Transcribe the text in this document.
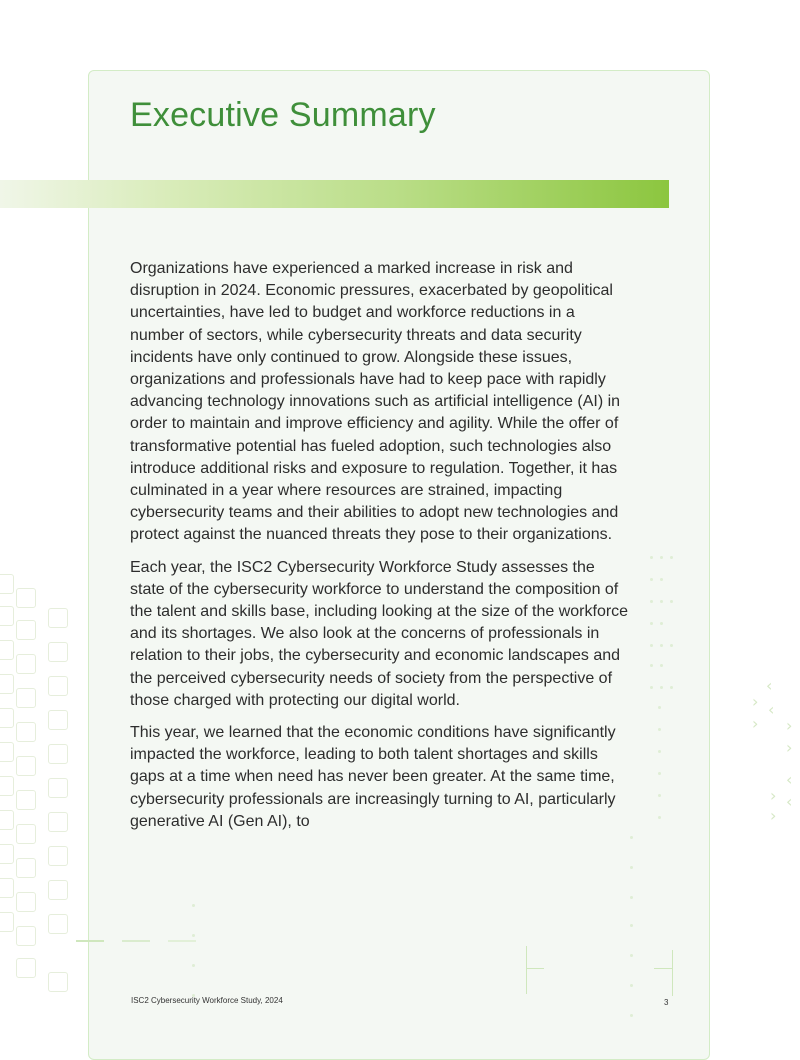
‹
› ‹
› ›
›
‹
› ‹
›
Executive Summary

Organizations have experienced a marked increase in risk and disruption in 2024. Economic pressures, exacerbated by geopolitical uncertainties, have led to budget and workforce reductions in a number of sectors, while cybersecurity threats and data security incidents have only continued to grow. Alongside these issues, organizations and professionals have had to keep pace with rapidly advancing technology innovations such as artificial intelligence (AI) in order to maintain and improve efficiency and agility. While the offer of transformative potential has fueled adoption, such technologies also introduce additional risks and exposure to regulation. Together, it has culminated in a year where resources are strained, impacting cybersecurity teams and their abilities to adopt new technologies and protect against the nuanced threats they pose to their organizations.

Each year, the ISC2 Cybersecurity Workforce Study assesses the state of the cybersecurity workforce to understand the composition of the talent and skills base, including looking at the size of the workforce and its shortages. We also look at the concerns of professionals in relation to their jobs, the cybersecurity and economic landscapes and the perceived cybersecurity needs of society from the perspective of those charged with protecting our digital world.

This year, we learned that the economic conditions have significantly impacted the workforce, leading to both talent shortages and skills gaps at a time when need has never been greater. At the same time, cybersecurity professionals are increasingly turning to AI, particularly generative AI (Gen AI), to

ISC2 Cybersecurity Workforce Study, 2024	3
